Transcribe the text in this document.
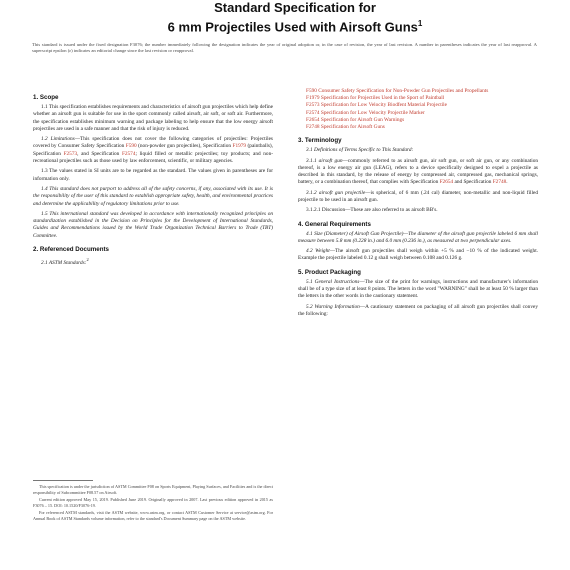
Standard Specification for
6 mm Projectiles Used with Airsoft Guns$^1$
This standard is issued under the fixed designation F3076; the number immediately following the designation indicates the year of original adoption or, in the case of revision, the year of last revision. A number in parentheses indicates the year of last reapproval. A superscript epsilon (ε) indicates an editorial change since the last revision or reapproval.
1. Scope

1.1 This specification establishes requirements and characteristics of airsoft gun projectiles which help define whether an airsoft gun is suitable for use in the sport commonly called airsoft, air soft, or soft air. Furthermore, the specification establishes minimum warning and package labeling to help ensure that the low energy airsoft projectiles are used in a safe manner and that the risk of injury is reduced.

1.2 Limitations—This specification does not cover the following categories of projectiles: Projectiles covered by Consumer Safety Specification F590 (non-powder gun projectiles), Specification F1979 (paintballs), Specification F2573, and Specification F2574; liquid filled or metallic projectiles; toy products; and non-recreational projectiles such as those used by law enforcement, scientific, or military agencies.

1.3 The values stated in SI units are to be regarded as the standard. The values given in parentheses are for information only.

1.4 This standard does not purport to address all of the safety concerns, if any, associated with its use. It is the responsibility of the user of this standard to establish appropriate safety, health, and environmental practices and determine the applicability of regulatory limitations prior to use.

1.5 This international standard was developed in accordance with internationally recognized principles on standardization established in the Decision on Principles for the Development of International Standards, Guides and Recommendations issued by the World Trade Organization Technical Barriers to Trade (TBT) Committee.

2. Referenced Documents

2.1 ASTM Standards:$^2$

This specification is under the jurisdiction of ASTM Committee F08 on Sports Equipment, Playing Surfaces, and Facilities and is the direct responsibility of Subcommittee F08.57 on Airsoft.

Current edition approved May 15, 2019. Published June 2019. Originally approved in 2007. Last previous edition approved in 2015 as F3076 – 15. DOI: 10.1520/F3076-19.

For referenced ASTM standards, visit the ASTM website, www.astm.org, or contact ASTM Customer Service at service@astm.org. For Annual Book of ASTM Standards volume information, refer to the standard's Document Summary page on the ASTM website.

F590 Consumer Safety Specification for Non-Powder Gun Projectiles and Propellants
F1979 Specification for Projectiles Used in the Sport of Paintball
F2573 Specification for Low Velocity Biodfent Material Projectile
F2574 Specification for Low Velocity Projectile Marker
F2654 Specification for Airsoft Gun Warnings
F2748 Specification for Airsoft Guns
3. Terminology

3.1 Definitions of Terms Specific to This Standard:

3.1.1 airsoft gun—commonly referred to as airsoft gun, air soft gun, or soft air gun, or any combination thereof, is a low energy air gun (LEAG), refers to a device specifically designed to expel a projectile as described in this standard, by the release of energy by compressed air, compressed gas, mechanical springs, battery, or a combination thereof, that complies with Specification F2654 and Specification F2748.

3.1.2 airsoft gun projectile—is spherical, of 6 mm (.24 cal) diameter, non-metallic and non-liquid filled projectile to be used in an airsoft gun.

3.1.2.1 Discussion—These are also referred to as airsoft BB's.

4. General Requirements

4.1 Size (Diameter) of Airsoft Gun Projectile)—The diameter of the airsoft gun projectile labeled 6 mm shall measure between 5.8 mm (0.228 in.) and 6.0 mm (0.236 in.), as measured at two perpendicular axes.

4.2 Weight—The airsoft gun projectiles shall weigh within +5 % and −10 % of the indicated weight. Example the projectile labeled 0.12 g shall weigh between 0.108 and 0.126 g.

5. Product Packaging

5.1 General Instructions—The size of the print for warnings, instructions and manufacturer's information shall be of a type size of at least 8 points. The letters in the word "WARNING" shall be at least 50 % larger than the letters in the other words in the cautionary statement.

5.2 Warning Information—A cautionary statement on packaging of all airsoft gun projectiles shall convey the following:
